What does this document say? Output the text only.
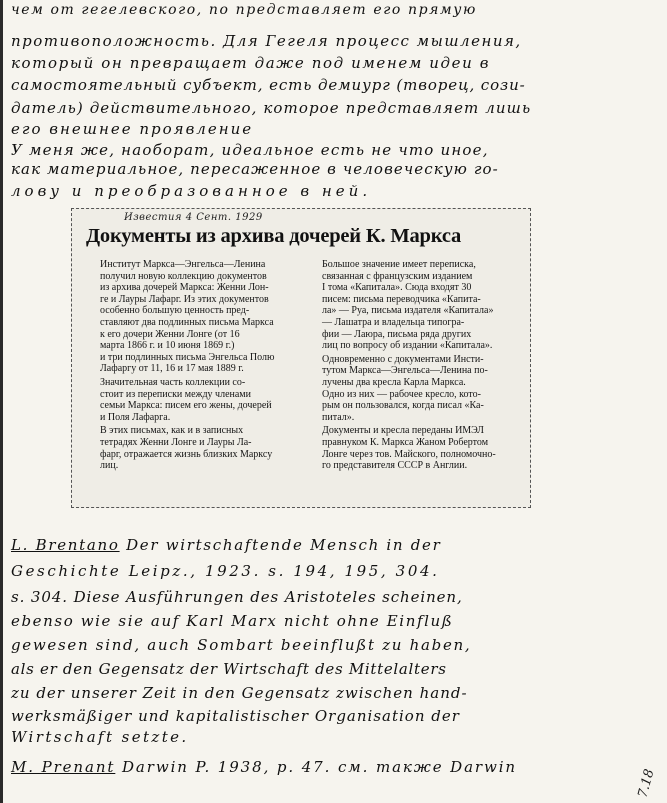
чем от гегелевского, по представляет его прямую
противоположность. Для Гегеля процесс мышления,
который он превращает даже под именем идеи в
самостоятельный субъект, есть демиург (творец, сози-
датель) действительного, которое представляет лишь
его внешнее проявление
У меня же, наоборат, идеальное есть не что иное,
как материальное, пересаженное в человеческую го-
лову и преобразованное в ней.
Известия 4 Сент. 1929
Документы из архива дочерей К. Маркса

Институт Маркса—Энгельса—Ленина
получил новую коллекцию документов
из архива дочерей Маркса: Женни Лон-
ге и Лауры Лафарг. Из этих документов
особенно большую ценность пред-
ставляют два подлинных письма Маркса
к его дочери Женни Лонге (от 16
марта 1866 г. и 10 июня 1869 г.)
и три подлинных письма Энгельса Полю
Лафаргу от 11, 16 и 17 мая 1889 г.

Значительная часть коллекции со-
стоит из переписки между членами
семьи Маркса: писем его жены, дочерей
и Поля Лафарга.

В этих письмах, как и в записных
тетрадях Женни Лонге и Лауры Ла-
фарг, отражается жизнь близких Марксу
лиц.

Большое значение имеет переписка,
связанная с французским изданием
I тома «Капитала». Сюда входят 30
писем: письма переводчика «Капита-
ла» — Руа, письма издателя «Капитала»
— Лашатра и владельца типогра-
фии — Лаюра, письма ряда других
лиц по вопросу об издании «Капитала».

Одновременно с документами Инсти-
тутом Маркса—Энгельса—Ленина по-
лучены два кресла Карла Маркса.
Одно из них — рабочее кресло, кото-
рым он пользовался, когда писал «Ка-
питал».

Документы и кресла переданы ИМЭЛ
правнуком К. Маркса Жаном Робертом
Лонге через тов. Майского, полномочно-
го представителя СССР в Англии.

L. Brentano Der wirtschaftende Mensch in der
Geschichte Leipz., 1923. s. 194, 195, 304.
s. 304. Diese Ausführungen des Aristoteles scheinen,
ebenso wie sie auf Karl Marx nicht ohne Einfluß
gewesen sind, auch Sombart beeinflußt zu haben,
als er den Gegensatz der Wirtschaft des Mittelalters
zu der unserer Zeit in den Gegensatz zwischen hand-
werksmäßiger und kapitalistischer Organisation der
Wirtschaft setzte.
M. Prenant Darwin P. 1938, p. 47. см. также Darwin
7.18
